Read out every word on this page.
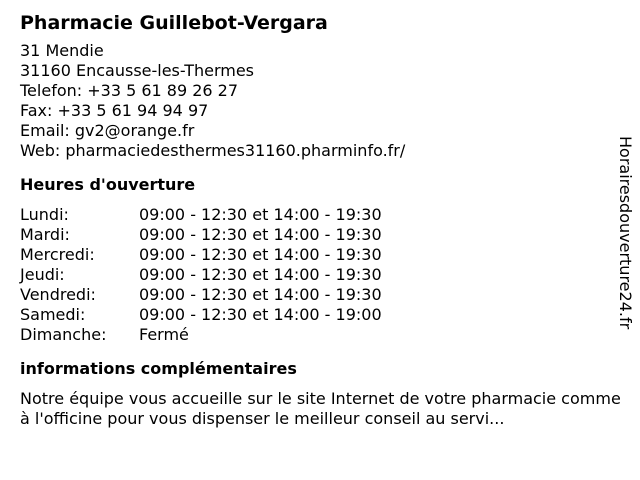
Pharmacie Guillebot-Vergara
31 Mendie
31160 Encausse-les-Thermes
Telefon: +33 5 61 89 26 27
Fax: +33 5 61 94 94 97
Email: gv2@orange.fr
Web: pharmaciedesthermes31160.pharminfo.fr/
Heures d'ouverture
Lundi:	09:00 - 12:30 et 14:00 - 19:30
Mardi:	09:00 - 12:30 et 14:00 - 19:30
Mercredi:	09:00 - 12:30 et 14:00 - 19:30
Jeudi:	09:00 - 12:30 et 14:00 - 19:30
Vendredi:	09:00 - 12:30 et 14:00 - 19:30
Samedi:	09:00 - 12:30 et 14:00 - 19:00
Dimanche:	Fermé
informations complémentaires
Notre équipe vous accueille sur le site Internet de votre pharmacie comme à l'officine pour vous dispenser le meilleur conseil au servi...
Horairesdouverture24.fr
